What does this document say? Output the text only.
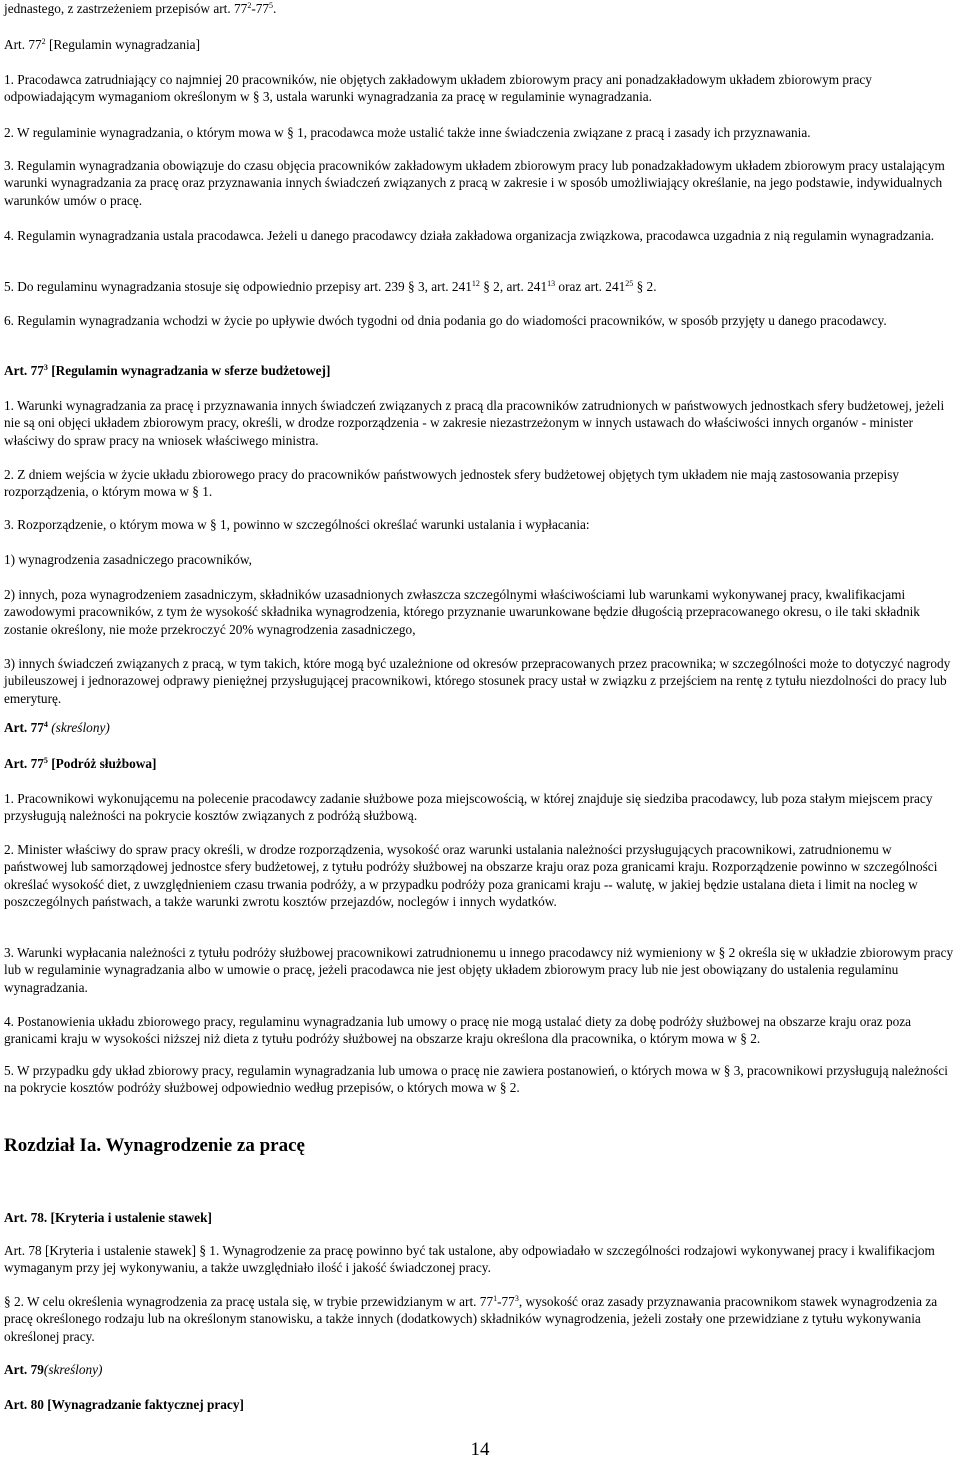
jednastego, z zastrzeżeniem przepisów art. $77^2-77^5$.

Art. $77^2$ [Regulamin wynagradzania]

1. Pracodawca zatrudniający co najmniej 20 pracowników, nie objętych zakładowym układem zbiorowym pracy ani ponadzakładowym układem zbiorowym pracy odpowiadającym wymaganiom określonym w § 3, ustala warunki wynagradzania za pracę w regulaminie wynagradzania.

2. W regulaminie wynagradzania, o którym mowa w § 1, pracodawca może ustalić także inne świadczenia związane z pracą i zasady ich przyznawania.

3. Regulamin wynagradzania obowiązuje do czasu objęcia pracowników zakładowym układem zbiorowym pracy lub ponadzakładowym układem zbiorowym pracy ustalającym warunki wynagradzania za pracę oraz przyznawania innych świadczeń związanych z pracą w zakresie i w sposób umożliwiający określanie, na jego podstawie, indywidualnych warunków umów o pracę.

4. Regulamin wynagradzania ustala pracodawca. Jeżeli u danego pracodawcy działa zakładowa organizacja związkowa, pracodawca uzgadnia z nią regulamin wynagradzania.

5. Do regulaminu wynagradzania stosuje się odpowiednio przepisy art. 239 § 3, art. $241^{12}$ § 2, art. $241^{13}$ oraz art. $241^{25}$ § 2.

6. Regulamin wynagradzania wchodzi w życie po upływie dwóch tygodni od dnia podania go do wiadomości pracowników, w sposób przyjęty u danego pracodawcy.

Art. $77^3$ [Regulamin wynagradzania w sferze budżetowej]

1. Warunki wynagradzania za pracę i przyznawania innych świadczeń związanych z pracą dla pracowników zatrudnionych w państwowych jednostkach sfery budżetowej, jeżeli nie są oni objęci układem zbiorowym pracy, określi, w drodze rozporządzenia - w zakresie niezastrzeżonym w innych ustawach do właściwości innych organów - minister właściwy do spraw pracy na wniosek właściwego ministra.

2. Z dniem wejścia w życie układu zbiorowego pracy do pracowników państwowych jednostek sfery budżetowej objętych tym układem nie mają zastosowania przepisy rozporządzenia, o którym mowa w § 1.

3. Rozporządzenie, o którym mowa w § 1, powinno w szczególności określać warunki ustalania i wypłacania:

1) wynagrodzenia zasadniczego pracowników,

2) innych, poza wynagrodzeniem zasadniczym, składników uzasadnionych zwłaszcza szczególnymi właściwościami lub warunkami wykonywanej pracy, kwalifikacjami zawodowymi pracowników, z tym że wysokość składnika wynagrodzenia, którego przyznanie uwarunkowane będzie długością przepracowanego okresu, o ile taki składnik zostanie określony, nie może przekroczyć 20% wynagrodzenia zasadniczego,

3) innych świadczeń związanych z pracą, w tym takich, które mogą być uzależnione od okresów przepracowanych przez pracownika; w szczególności może to dotyczyć nagrody jubileuszowej i jednorazowej odprawy pieniężnej przysługującej pracownikowi, którego stosunek pracy ustał w związku z przejściem na rentę z tytułu niezdolności do pracy lub emeryturę.

Art. $77^4$ (skreślony)

Art. $77^5$ [Podróż służbowa]

1. Pracownikowi wykonującemu na polecenie pracodawcy zadanie służbowe poza miejscowością, w której znajduje się siedziba pracodawcy, lub poza stałym miejscem pracy przysługują należności na pokrycie kosztów związanych z podróżą służbową.

2. Minister właściwy do spraw pracy określi, w drodze rozporządzenia, wysokość oraz warunki ustalania należności przysługujących pracownikowi, zatrudnionemu w państwowej lub samorządowej jednostce sfery budżetowej, z tytułu podróży służbowej na obszarze kraju oraz poza granicami kraju. Rozporządzenie powinno w szczególności określać wysokość diet, z uwzględnieniem czasu trwania podróży, a w przypadku podróży poza granicami kraju -- walutę, w jakiej będzie ustalana dieta i limit na nocleg w poszczególnych państwach, a także warunki zwrotu kosztów przejazdów, noclegów i innych wydatków.

3. Warunki wypłacania należności z tytułu podróży służbowej pracownikowi zatrudnionemu u innego pracodawcy niż wymieniony w § 2 określa się w układzie zbiorowym pracy lub w regulaminie wynagradzania albo w umowie o pracę, jeżeli pracodawca nie jest objęty układem zbiorowym pracy lub nie jest obowiązany do ustalenia regulaminu wynagradzania.

4. Postanowienia układu zbiorowego pracy, regulaminu wynagradzania lub umowy o pracę nie mogą ustalać diety za dobę podróży służbowej na obszarze kraju oraz poza granicami kraju w wysokości niższej niż dieta z tytułu podróży służbowej na obszarze kraju określona dla pracownika, o którym mowa w § 2.

5. W przypadku gdy układ zbiorowy pracy, regulamin wynagradzania lub umowa o pracę nie zawiera postanowień, o których mowa w § 3, pracownikowi przysługują należności na pokrycie kosztów podróży służbowej odpowiednio według przepisów, o których mowa w § 2.

Rozdział Ia. Wynagrodzenie za pracę

Art. 78. [Kryteria i ustalenie stawek]

Art. 78 [Kryteria i ustalenie stawek] § 1. Wynagrodzenie za pracę powinno być tak ustalone, aby odpowiadało w szczególności rodzajowi wykonywanej pracy i kwalifikacjom wymaganym przy jej wykonywaniu, a także uwzględniało ilość i jakość świadczonej pracy.

§ 2. W celu określenia wynagrodzenia za pracę ustala się, w trybie przewidzianym w art. $77^1-77^3$, wysokość oraz zasady przyznawania pracownikom stawek wynagrodzenia za pracę określonego rodzaju lub na określonym stanowisku, a także innych (dodatkowych) składników wynagrodzenia, jeżeli zostały one przewidziane z tytułu wykonywania określonej pracy.

Art. 79(skreślony)

Art. 80 [Wynagradzanie faktycznej pracy]

14
